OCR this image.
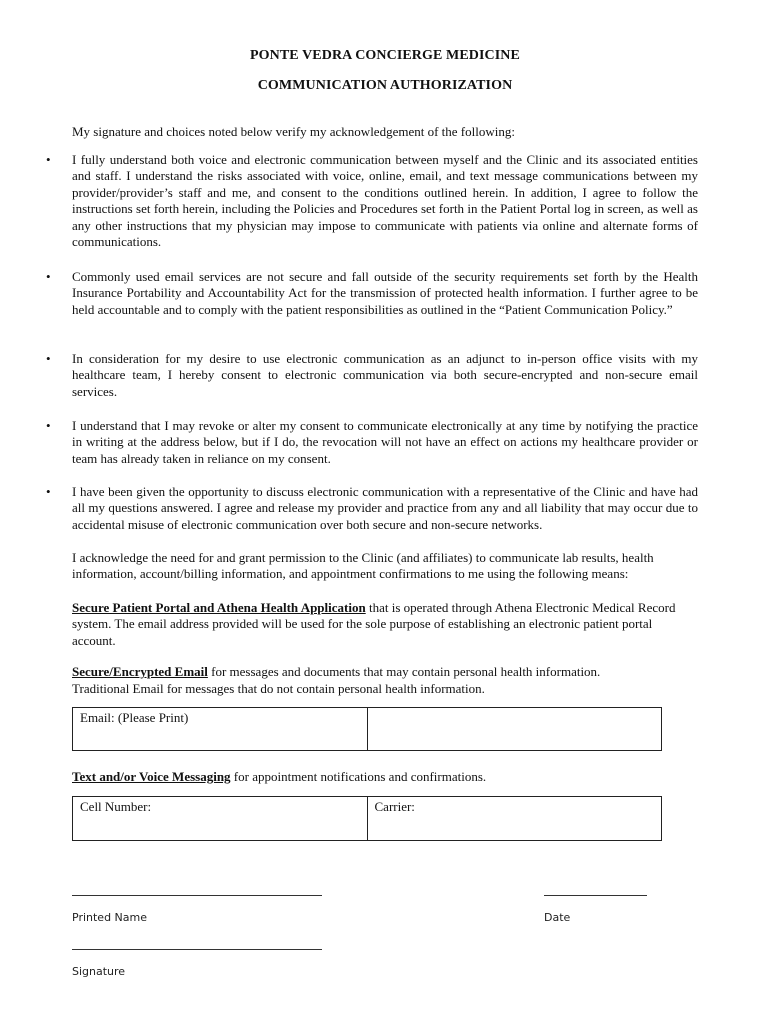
PONTE VEDRA CONCIERGE MEDICINE
COMMUNICATION AUTHORIZATION
My signature and choices noted below verify my acknowledgement of the following:
• I fully understand both voice and electronic communication between myself and the Clinic and its associated entities and staff. I understand the risks associated with voice, online, email, and text message communications between my provider/provider’s staff and me, and consent to the conditions outlined herein. In addition, I agree to follow the instructions set forth herein, including the Policies and Procedures set forth in the Patient Portal log in screen, as well as any other instructions that my physician may impose to communicate with patients via online and alternate forms of communications.
• Commonly used email services are not secure and fall outside of the security requirements set forth by the Health Insurance Portability and Accountability Act for the transmission of protected health information. I further agree to be held accountable and to comply with the patient responsibilities as outlined in the “Patient Communication Policy.”
• In consideration for my desire to use electronic communication as an adjunct to in-person office visits with my healthcare team, I hereby consent to electronic communication via both secure-encrypted and non-secure email services.
• I understand that I may revoke or alter my consent to communicate electronically at any time by notifying the practice in writing at the address below, but if I do, the revocation will not have an effect on actions my healthcare provider or team has already taken in reliance on my consent.
• I have been given the opportunity to discuss electronic communication with a representative of the Clinic and have had all my questions answered. I agree and release my provider and practice from any and all liability that may occur due to accidental misuse of electronic communication over both secure and non-secure networks.
I acknowledge the need for and grant permission to the Clinic (and affiliates) to communicate lab results, health information, account/billing information, and appointment confirmations to me using the following means:
Secure Patient Portal and Athena Health Application that is operated through Athena Electronic Medical Record system. The email address provided will be used for the sole purpose of establishing an electronic patient portal account.
Secure/Encrypted Email for messages and documents that may contain personal health information.
Traditional Email for messages that do not contain personal health information.
Email: (Please Print)
Text and/or Voice Messaging for appointment notifications and confirmations.
Cell Number:	Carrier:
Printed Name	Date
Signature
